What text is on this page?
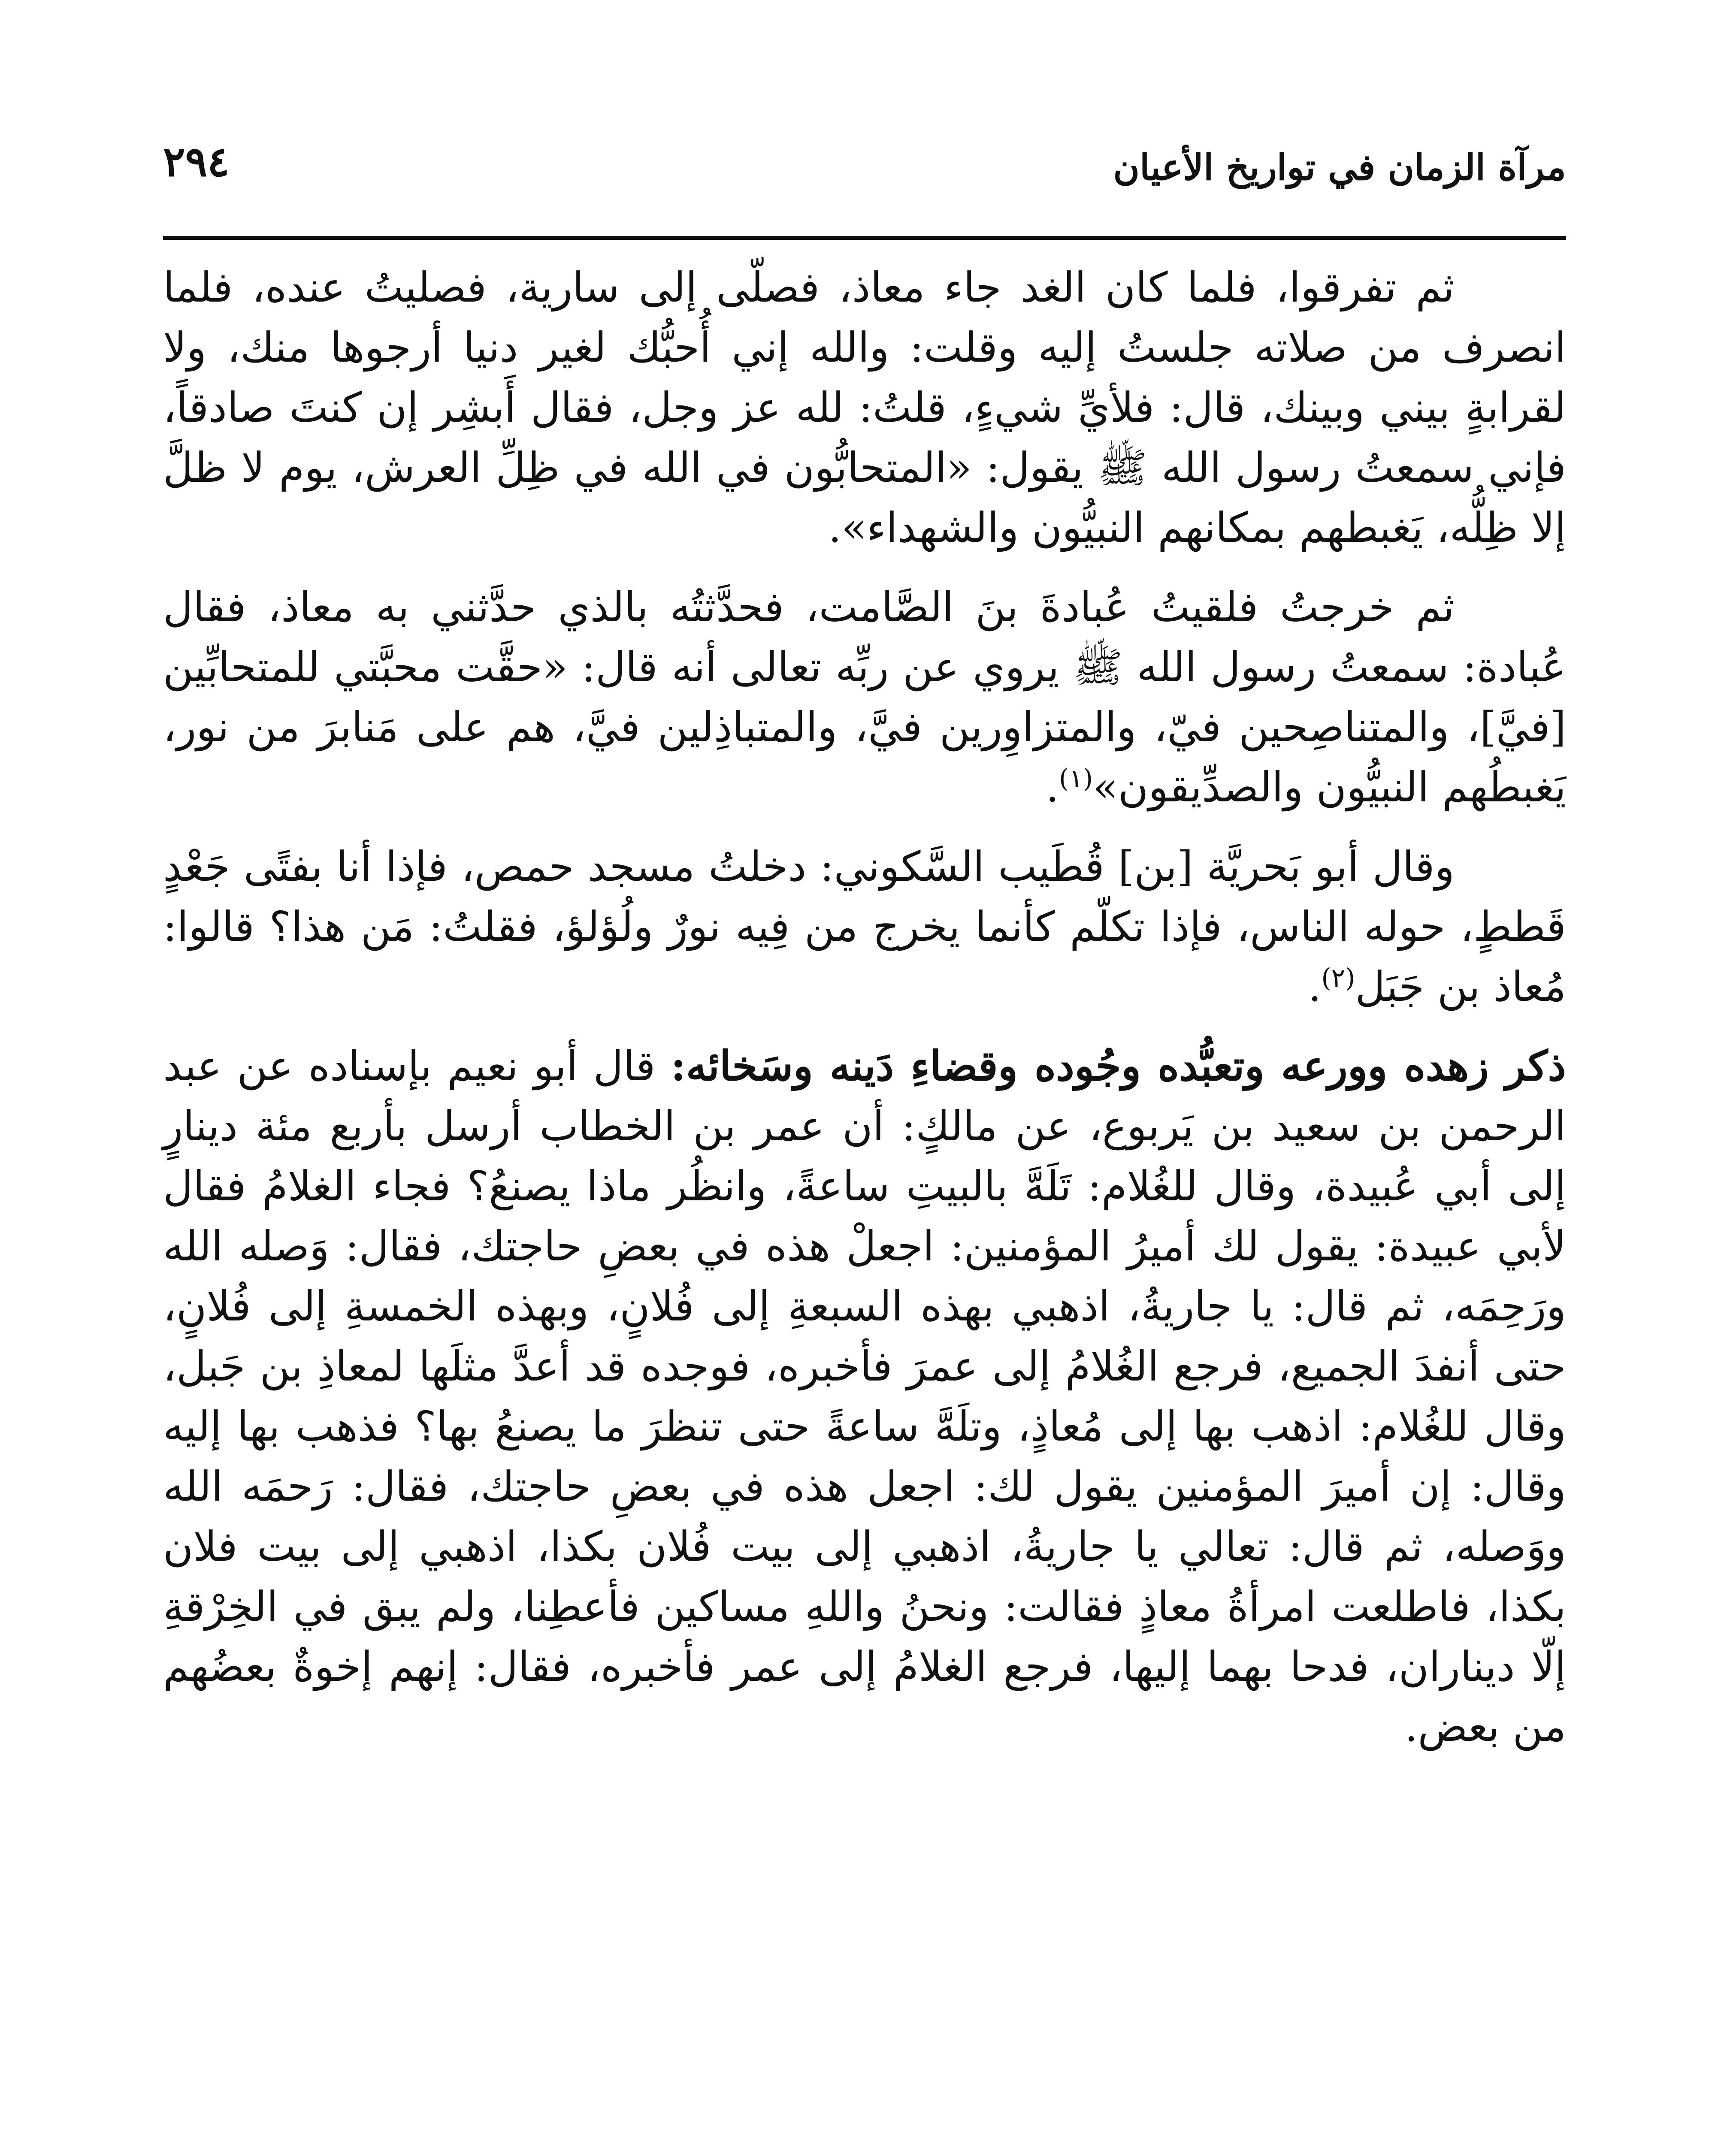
مرآة الزمان في تواريخ الأعيان
٢٩٤

ثم تفرقوا، فلما كان الغد جاء معاذ، فصلّى إلى سارية، فصليتُ عنده، فلما انصرف من صلاته جلستُ إليه وقلت: والله إني أُحبُّك لغير دنيا أرجوها منك، ولا لقرابةٍ بيني وبينك، قال: فلأيِّ شيءٍ، قلتُ: لله عز وجل، فقال أَبشِر إن كنتَ صادقاً، فإني سمعتُ رسول الله ﷺ يقول: «المتحابُّون في الله في ظِلِّ العرش، يوم لا ظلَّ إلا ظِلُّه، يَغبطهم بمكانهم النبيُّون والشهداء».

ثم خرجتُ فلقيتُ عُبادةَ بنَ الصَّامت، فحدَّثتُه بالذي حدَّثني به معاذ، فقال عُبادة: سمعتُ رسول الله ﷺ يروي عن ربِّه تعالى أنه قال: «حقَّت محبَّتي للمتحابِّين [فيَّ]، والمتناصِحين فيّ، والمتزاوِرين فيَّ، والمتباذِلين فيَّ، هم على مَنابرَ من نور، يَغبطُهم النبيُّون والصدِّيقون»$^{(١)}$.

وقال أبو بَحريَّة [بن] قُطَيب السَّكوني: دخلتُ مسجد حمص، فإذا أنا بفتًى جَعْدٍ قَططٍ، حوله الناس، فإذا تكلّم كأنما يخرج من فِيه نورٌ ولُؤلؤ، فقلتُ: مَن هذا؟ قالوا: مُعاذ بن جَبَل$^{(٢)}$.

ذكر زهده وورعه وتعبُّده وجُوده وقضاءِ دَينه وسَخائه: قال أبو نعيم بإسناده عن عبد الرحمن بن سعيد بن يَربوع، عن مالكٍ: أن عمر بن الخطاب أرسل بأربع مئة دينارٍ إلى أبي عُبيدة، وقال للغُلام: تَلَهَّ بالبيتِ ساعةً، وانظُر ماذا يصنعُ؟ فجاء الغلامُ فقال لأبي عبيدة: يقول لك أميرُ المؤمنين: اجعلْ هذه في بعضِ حاجتك، فقال: وَصله الله ورَحِمَه، ثم قال: يا جاريةُ، اذهبي بهذه السبعةِ إلى فُلانٍ، وبهذه الخمسةِ إلى فُلانٍ، حتى أنفدَ الجميع، فرجع الغُلامُ إلى عمرَ فأخبره، فوجده قد أعدَّ مثلَها لمعاذِ بن جَبل، وقال للغُلام: اذهب بها إلى مُعاذٍ، وتلَهَّ ساعةً حتى تنظرَ ما يصنعُ بها؟ فذهب بها إليه وقال: إن أميرَ المؤمنين يقول لك: اجعل هذه في بعضِ حاجتك، فقال: رَحمَه الله ووَصله، ثم قال: تعالي يا جاريةُ، اذهبي إلى بيت فُلان بكذا، اذهبي إلى بيت فلان بكذا، فاطلعت امرأةُ معاذٍ فقالت: ونحنُ واللهِ مساكين فأعطِنا، ولم يبق في الخِرْقةِ إلّا ديناران، فدحا بهما إليها، فرجع الغلامُ إلى عمر فأخبره، فقال: إنهم إخوةٌ بعضُهم من بعض.
